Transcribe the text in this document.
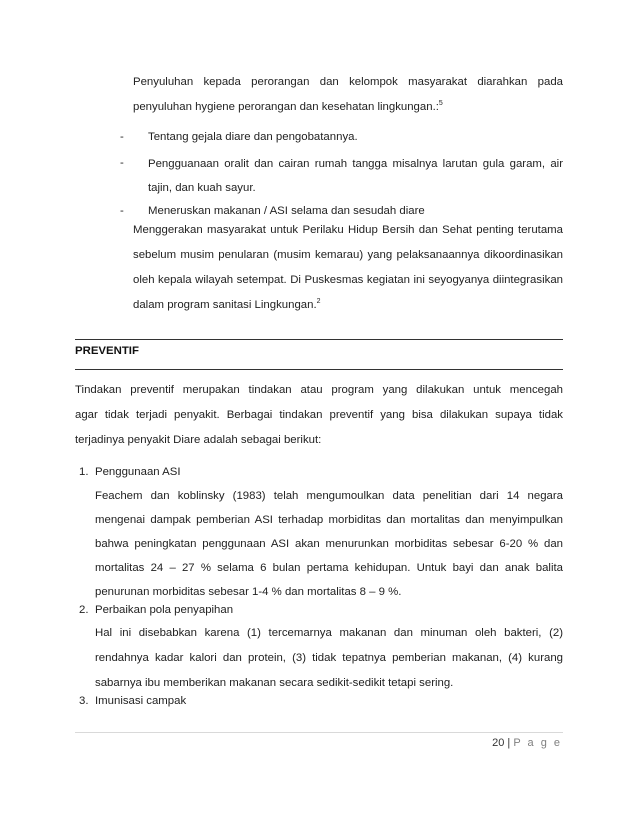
Penyuluhan kepada perorangan dan kelompok masyarakat diarahkan pada
penyuluhan hygiene perorangan dan kesehatan lingkungan.:$^5$
- Tentang gejala diare dan pengobatannya.
- Pengguanaan oralit dan cairan rumah tangga misalnya larutan gula garam, air tajin, dan kuah sayur.
- Meneruskan makanan / ASI selama dan sesudah diare
Menggerakan masyarakat untuk Perilaku Hidup Bersih dan Sehat penting terutama
sebelum musim penularan (musim kemarau) yang pelaksanaannya dikoordinasikan
oleh kepala wilayah setempat. Di Puskesmas kegiatan ini seyogyanya diintegrasikan
dalam program sanitasi Lingkungan.$^2$
PREVENTIF
Tindakan preventif merupakan tindakan atau program yang dilakukan untuk mencegah
agar tidak terjadi penyakit. Berbagai tindakan preventif yang bisa dilakukan supaya tidak
terjadinya penyakit Diare adalah sebagai berikut:
1. Penggunaan ASI
Feachem dan koblinsky (1983) telah mengumoulkan data penelitian dari 14 negara
mengenai dampak pemberian ASI terhadap morbiditas dan mortalitas dan menyimpulkan
bahwa peningkatan penggunaan ASI akan menurunkan morbiditas sebesar 6-20 % dan
mortalitas 24 – 27 % selama 6 bulan pertama kehidupan. Untuk bayi dan anak balita
penurunan morbiditas sebesar 1-4 % dan mortalitas 8 – 9 %.
2. Perbaikan pola penyapihan
Hal ini disebabkan karena (1) tercemarnya makanan dan minuman oleh bakteri, (2)
rendahnya kadar kalori dan protein, (3) tidak tepatnya pemberian makanan, (4) kurang
sabarnya ibu memberikan makanan secara sedikit-sedikit tetapi sering.
3. Imunisasi campak
20 | P a g e
